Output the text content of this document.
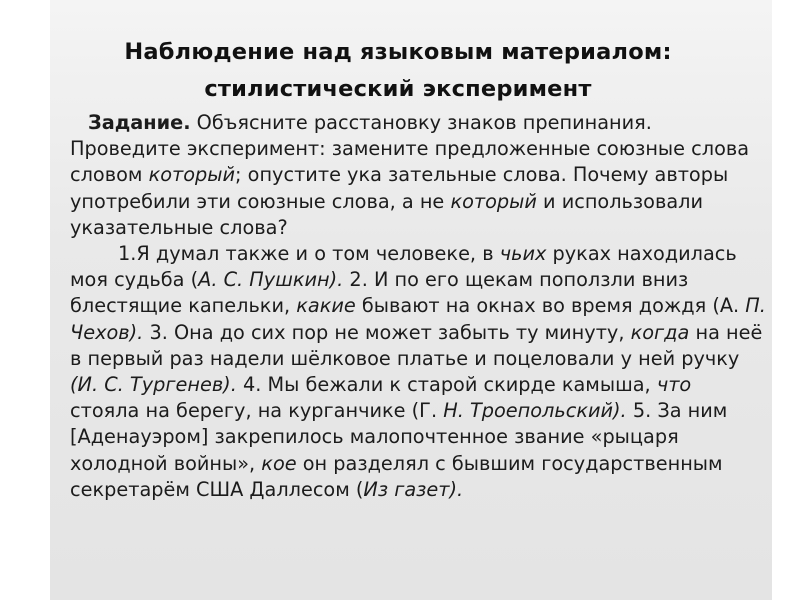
Наблюдение над языковым материалом:
стилистический эксперимент

Задание. Объясните расстановку знаков препинания. Проведите эксперимент: замените предложенные союзные слова словом который; опустите ука зательные слова. Почему авторы употребили эти союзные слова, а не который и использовали указательные слова?

1.Я думал также и о том человеке, в чьих руках находилась моя судьба (А. С. Пушкин). 2. И по его щекам поползли вниз блестящие капельки, какие бывают на окнах во время дождя (А. П. Чехов). 3. Она до сих пор не может забыть ту минуту, когда на неё в первый раз надели шёлковое платье и поцеловали у ней ручку (И. С. Тургенев). 4. Мы бежали к старой скирде камыша, что стояла на берегу, на курганчике (Г. Н. Троепольский). 5. За ним [Аденауэром] закрепилось малопочтенное звание «рыцаря холодной войны», кое он разделял с бывшим государственным секретарём США Даллесом (Из газет).
